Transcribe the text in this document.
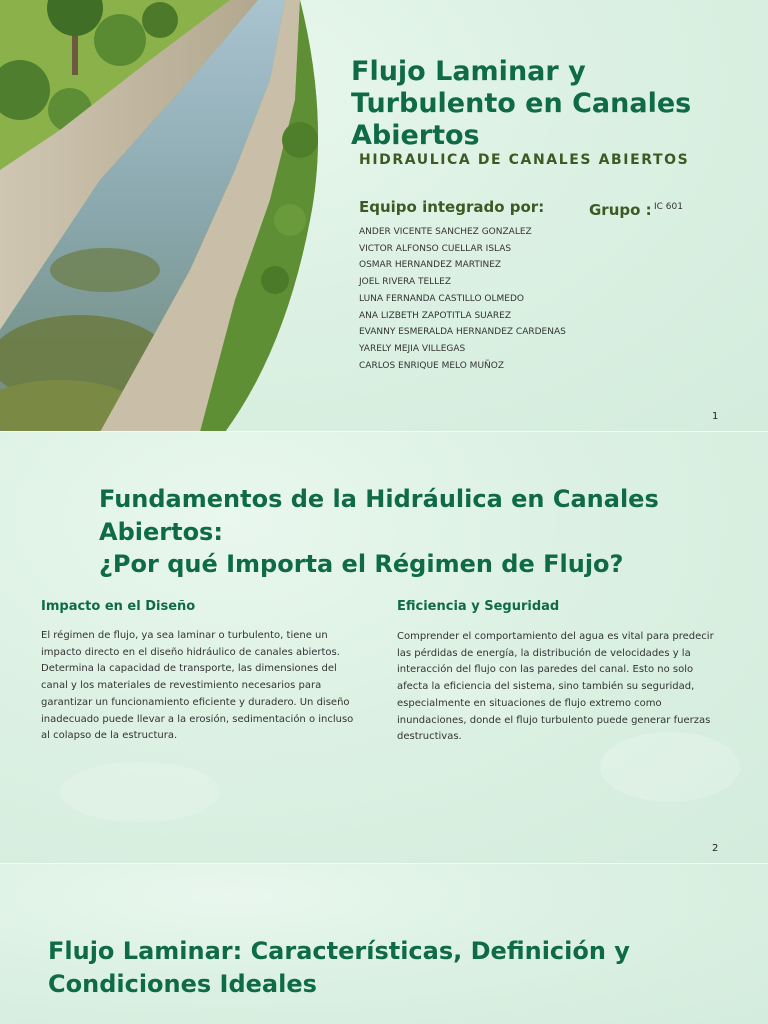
Flujo Laminar y
Turbulento en Canales
Abiertos
HIDRAULICA DE CANALES ABIERTOS
Equipo integrado por:	Grupo : IC 601
ANDER VICENTE SANCHEZ GONZALEZ
VICTOR ALFONSO CUELLAR ISLAS
OSMAR HERNANDEZ MARTINEZ
JOEL RIVERA TELLEZ
LUNA FERNANDA CASTILLO OLMEDO
ANA LIZBETH ZAPOTITLA SUAREZ
EVANNY ESMERALDA HERNANDEZ CARDENAS
YARELY MEJIA VILLEGAS
CARLOS ENRIQUE MELO MUÑOZ
1
Fundamentos de la Hidráulica en Canales
Abiertos:
¿Por qué Importa el Régimen de Flujo?
Impacto en el Diseño
El régimen de flujo, ya sea laminar o turbulento, tiene un
impacto directo en el diseño hidráulico de canales abiertos.
Determina la capacidad de transporte, las dimensiones del
canal y los materiales de revestimiento necesarios para
garantizar un funcionamiento eficiente y duradero. Un diseño
inadecuado puede llevar a la erosión, sedimentación o incluso
al colapso de la estructura.
Eficiencia y Seguridad
Comprender el comportamiento del agua es vital para predecir
las pérdidas de energía, la distribución de velocidades y la
interacción del flujo con las paredes del canal. Esto no solo
afecta la eficiencia del sistema, sino también su seguridad,
especialmente en situaciones de flujo extremo como
inundaciones, donde el flujo turbulento puede generar fuerzas
destructivas.
2
Flujo Laminar: Características, Definición y
Condiciones Ideales
